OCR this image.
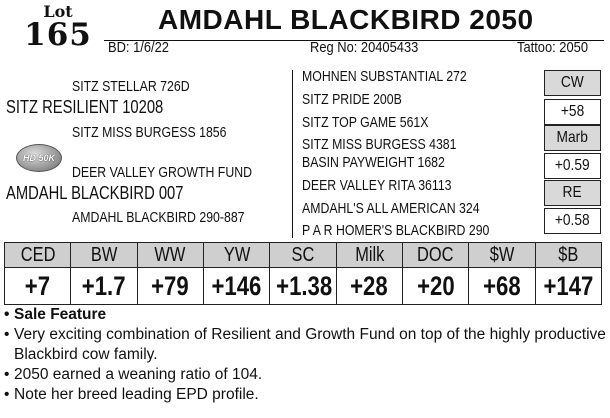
Lot
165 AMDAHL BLACKBIRD 2050
BD: 1/6/22	Reg No: 20405433	Tattoo: 2050
SITZ STELLAR 726D
SITZ RESILIENT 10208
SITZ MISS BURGESS 1856
HD 50K
DEER VALLEY GROWTH FUND
AMDAHL BLACKBIRD 007
AMDAHL BLACKBIRD 290-887
MOHNEN SUBSTANTIAL 272
SITZ PRIDE 200B
SITZ TOP GAME 561X
SITZ MISS BURGESS 4381
BASIN PAYWEIGHT 1682
DEER VALLEY RITA 36113
AMDAHL'S ALL AMERICAN 324
P A R HOMER'S BLACKBIRD 290
CW
+58
Marb
+0.59
RE
+0.58
CED	BW	WW	YW	SC	Milk	DOC	$W	$B
+7	+1.7	+79	+146	+1.38	+28	+20	+68	+147
• Sale Feature
• Very exciting combination of Resilient and Growth Fund on top of the highly productive Blackbird cow family.
• 2050 earned a weaning ratio of 104.
• Note her breed leading EPD profile.
